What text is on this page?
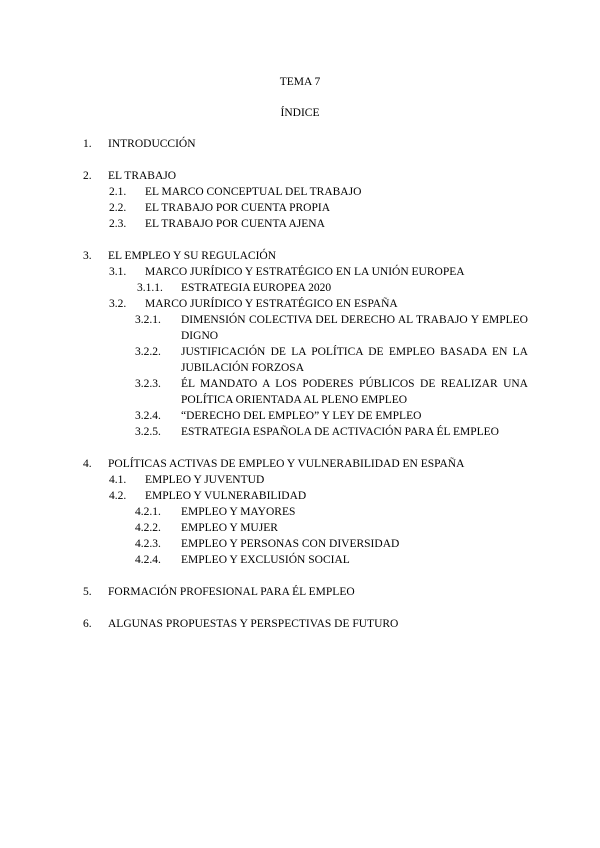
TEMA 7
ÍNDICE
1.	INTRODUCCIÓN
2.	EL TRABAJO
2.1.	EL MARCO CONCEPTUAL DEL TRABAJO
2.2.	EL TRABAJO POR CUENTA PROPIA
2.3.	EL TRABAJO POR CUENTA AJENA
3.	EL EMPLEO Y SU REGULACIÓN
3.1.	MARCO JURÍDICO Y ESTRATÉGICO EN LA UNIÓN EUROPEA
3.1.1.	ESTRATEGIA EUROPEA 2020
3.2.	MARCO JURÍDICO Y ESTRATÉGICO EN ESPAÑA
3.2.1.	DIMENSIÓN COLECTIVA DEL DERECHO AL TRABAJO Y EMPLEO DIGNO
3.2.2.	JUSTIFICACIÓN DE LA POLÍTICA DE EMPLEO BASADA EN LA JUBILACIÓN FORZOSA
3.2.3.	ÉL MANDATO A LOS PODERES PÚBLICOS DE REALIZAR UNA POLÍTICA ORIENTADA AL PLENO EMPLEO
3.2.4.	“DERECHO DEL EMPLEO” Y LEY DE EMPLEO
3.2.5.	ESTRATEGIA ESPAÑOLA DE ACTIVACIÓN PARA ÉL EMPLEO
4.	POLÍTICAS ACTIVAS DE EMPLEO Y VULNERABILIDAD EN ESPAÑA
4.1.	EMPLEO Y JUVENTUD
4.2.	EMPLEO Y VULNERABILIDAD
4.2.1.	EMPLEO Y MAYORES
4.2.2.	EMPLEO Y MUJER
4.2.3.	EMPLEO Y PERSONAS CON DIVERSIDAD
4.2.4.	EMPLEO Y EXCLUSIÓN SOCIAL
5.	FORMACIÓN PROFESIONAL PARA ÉL EMPLEO
6.	ALGUNAS PROPUESTAS Y PERSPECTIVAS DE FUTURO
